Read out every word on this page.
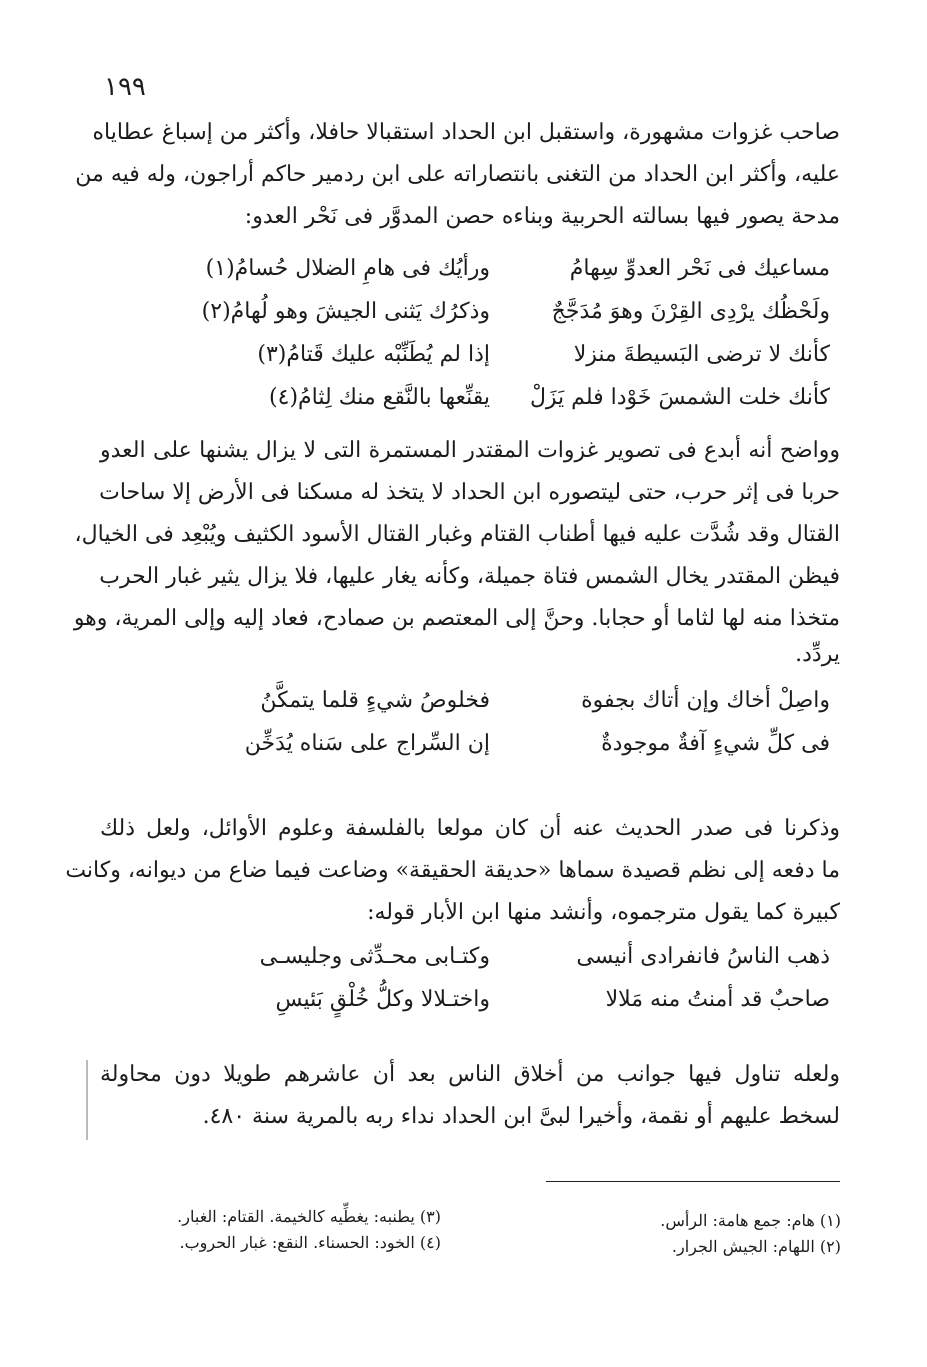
١٩٩
صاحب غزوات مشهورة، واستقبل ابن الحداد استقبالا حافلا، وأكثر من إسباغ عطاياه
عليه، وأكثر ابن الحداد من التغنى بانتصاراته على ابن ردمير حاكم أراجون، وله فيه من
مدحة يصور فيها بسالته الحربية وبناءه حصن المدوَّر فى نَحْر العدو:
مساعيك فى نَحْر العدوِّ سِهامُ
ورأيُك فى هامِ الضلال حُسامُ(١)
ولَحْظُك يرْدِى القِرْنَ وهوَ مُدَجَّجٌ
وذكرُك يَثنى الجيشَ وهو لُهامُ(٢)
كأنك لا ترضى البَسيطةَ منزلا
إذا لم يُطَنِّبْه عليك قَتامُ(٣)
كأنك خلت الشمسَ خَوْدا فلم يَزَلْ
يقنِّعها بالنَّقع منك لِثامُ(٤)
وواضح أنه أبدع فى تصوير غزوات المقتدر المستمرة التى لا يزال يشنها على العدو
حربا فى إثر حرب، حتى ليتصوره ابن الحداد لا يتخذ له مسكنا فى الأرض إلا ساحات
القتال وقد شُدَّت عليه فيها أطناب القتام وغبار القتال الأسود الكثيف ويُبْعِد فى الخيال،
فيظن المقتدر يخال الشمس فتاة جميلة، وكأنه يغار عليها، فلا يزال يثير غبار الحرب
متخذا منه لها لثاما أو حجابا. وحنَّ إلى المعتصم بن صمادح، فعاد إليه وإلى المرية، وهو
يردِّد.
واصِلْ أخاك وإن أتاك بجفوة
فخلوصُ شيءٍ قلما يتمكَّنُ
فى كلِّ شيءٍ آفةٌ موجودةٌ
إن السِّراج على سَناه يُدَخِّن
وذكرنا فى صدر الحديث عنه أن كان مولعا بالفلسفة وعلوم الأوائل، ولعل ذلك
ما دفعه إلى نظم قصيدة سماها «حديقة الحقيقة» وضاعت فيما ضاع من ديوانه، وكانت
كبيرة كما يقول مترجموه، وأنشد منها ابن الأبار قوله:
ذهب الناسُ فانفرادى أنيسى
وكتـابى محـدِّثى وجليسـى
صاحبٌ قد أمنتُ منه مَلالا
واختـلالا وكلُّ خُلْقٍ بَئيسِ
ولعله تناول فيها جوانب من أخلاق الناس بعد أن عاشرهم طويلا دون محاولة
لسخط عليهم أو نقمة، وأخيرا لبىَّ ابن الحداد نداء ربه بالمرية سنة ٤٨٠.
(١) هام: جمع هامة: الرأس.
(٢) اللهام: الجيش الجرار.
(٣) يطنبه: يغطِّيه كالخيمة. القتام: الغبار.
(٤) الخود: الحسناء. النقع: غبار الحروب.
